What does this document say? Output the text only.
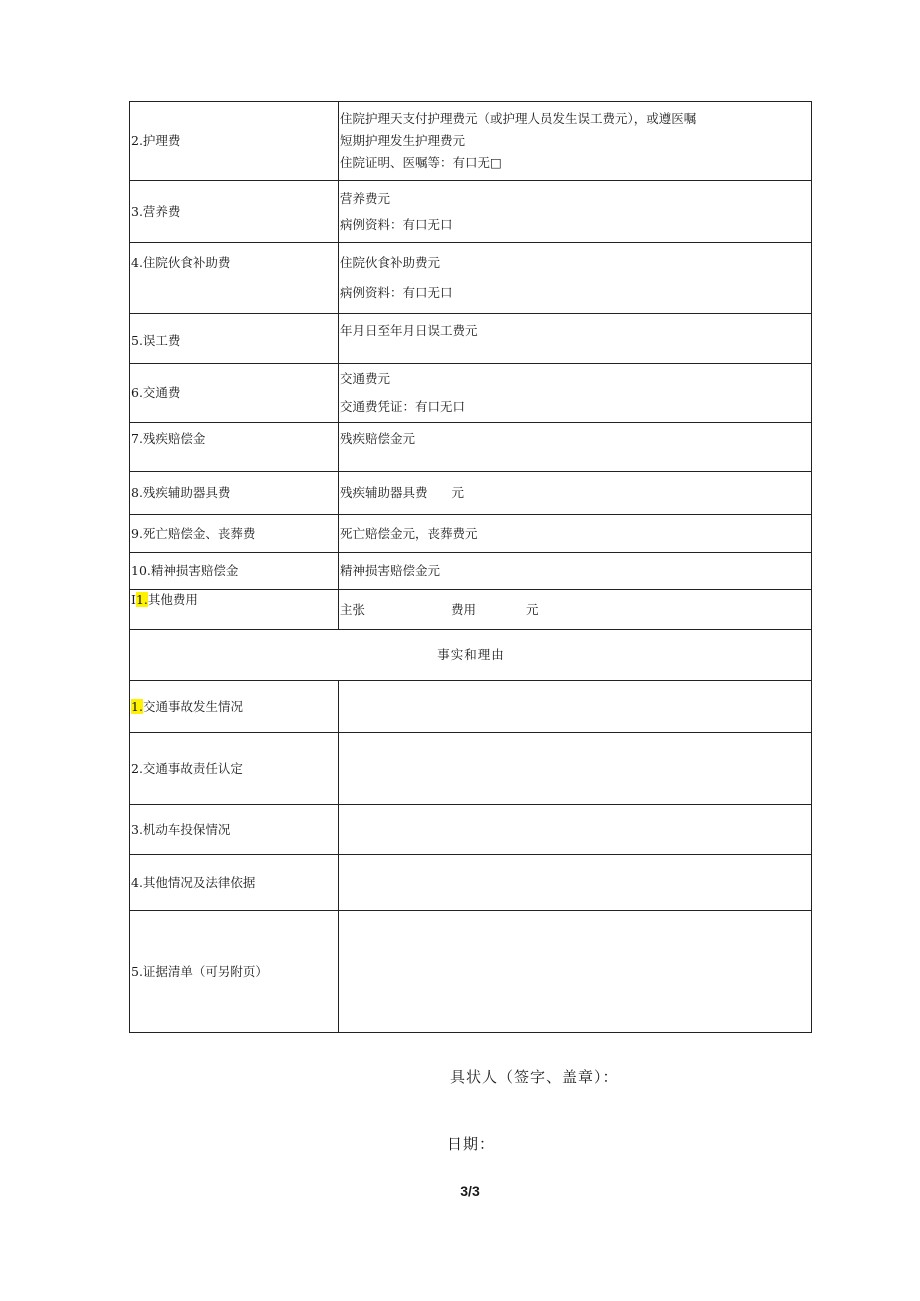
2.护理费	住院护理天支付护理费元（或护理人员发生误工费元），或遵医嘱
短期护理发生护理费元
住院证明、医嘱等：有口无□

3.营养费	营养费元
病例资料：有口无口

4.住院伙食补助费	住院伙食补助费元
病例资料：有口无口

5.误工费	年月日至年月日误工费元

6.交通费	交通费元
交通费凭证：有口无口

7.残疾赔偿金	残疾赔偿金元

8.残疾辅助器具费	残疾辅助器具费 元
9.死亡赔偿金、丧葬费	死亡赔偿金元，丧葬费元

10.精神损害赔偿金	精神损害赔偿金元

I1.其他费用	主张 费用 元
事实和理由	
1.交通事故发生情况	
2.交通事故责任认定	
3.机动车投保情况	
4.其他情况及法律依据	
5.证据清单（可另附页）	
具状人（签字、盖章）：
日期：
3/3
